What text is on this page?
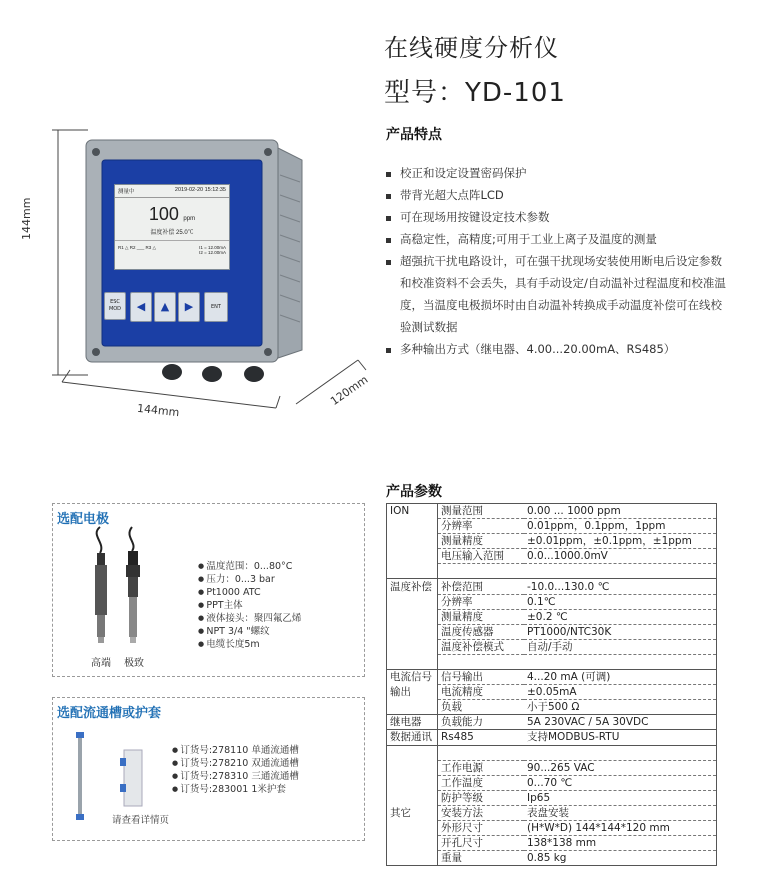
在线硬度分析仪
型号：YD-101
产品特点
校正和设定设置密码保护
带背光超大点阵LCD
可在现场用按键设定技术参数
高稳定性，高精度;可用于工业上离子及温度的测量
超强抗干扰电路设计，可在强干扰现场安装使用断电后设定参数和校准资料不会丢失，具有手动设定/自动温补过程温度和校准温度，当温度电极损坏时由自动温补转换成手动温度补偿可在线校验测试数据
多种输出方式（继电器、4.00...20.00mA、RS485）
144mm
144mm
120mm
测量中	2019-02-20 15:12:35
100 ppm
温度补偿 25.0℃
R1 △ R2 ___ R3 △	I1 = 12.00mA
I2 = 12.00mA
ESC MOD	◀	▲	▶	ENT
选配电极
高端 极致
● 温度范围：0...80°C
● 压力：0...3 bar
● Pt1000 ATC
● PPT主体
● 液体接头：聚四氟乙烯
● NPT 3/4 "螺纹
● 电缆长度5m
选配流通槽或护套
● 订货号:278110 单通流通槽
● 订货号:278210 双通流通槽
● 订货号:278310 三通流通槽
● 订货号:283001 1米护套
请查看详情页
产品参数
ION	测量范围	0.00 ... 1000 ppm
	分辨率	0.01ppm，0.1ppm，1ppm
	测量精度	±0.01ppm，±0.1ppm，±1ppm
	电压输入范围	0.0...1000.0mV

温度补偿	补偿范围	-10.0...130.0 ℃
	分辨率	0.1℃
	测量精度	±0.2 ℃
	温度传感器	PT1000/NTC30K
	温度补偿模式	自动/手动

电流信号	信号输出	4...20 mA (可调)
输出	电流精度	±0.05mA
	负载	小于500 Ω
继电器	负载能力	5A 230VAC / 5A 30VDC
数据通讯	Rs485	支持MODBUS-RTU

	工作电源	90...265 VAC
	工作温度	0...70 ℃
	防护等级	Ip65
其它	安装方法	表盘安装
	外形尺寸	(H*W*D) 144*144*120 mm
	开孔尺寸	138*138 mm
	重量	0.85 kg
